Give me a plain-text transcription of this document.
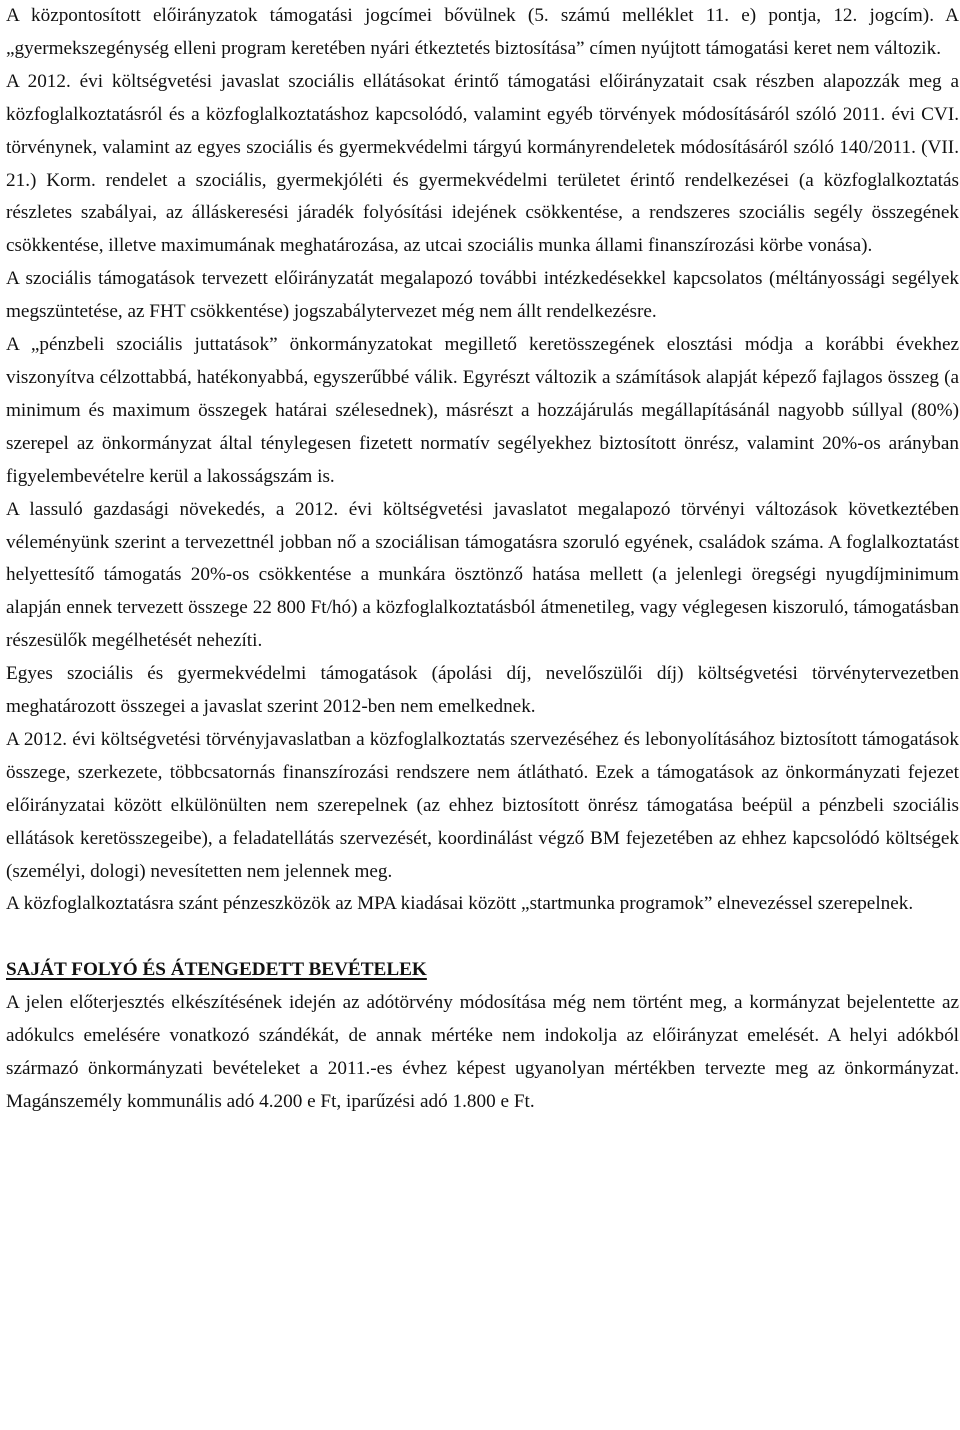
A központosított előirányzatok támogatási jogcímei bővülnek (5. számú melléklet 11. e) pontja, 12. jogcím). A „gyermekszegénység elleni program keretében nyári étkeztetés biztosítása” címen nyújtott támogatási keret nem változik.

A 2012. évi költségvetési javaslat szociális ellátásokat érintő támogatási előirányzatait csak részben alapozzák meg a közfoglalkoztatásról és a közfoglalkoztatáshoz kapcsolódó, valamint egyéb törvények módosításáról szóló 2011. évi CVI. törvénynek, valamint az egyes szociális és gyermekvédelmi tárgyú kormányrendeletek módosításáról szóló 140/2011. (VII. 21.) Korm. rendelet a szociális, gyermekjóléti és gyermekvédelmi területet érintő rendelkezései (a közfoglalkoztatás részletes szabályai, az álláskeresési járadék folyósítási idejének csökkentése, a rendszeres szociális segély összegének csökkentése, illetve maximumának meghatározása, az utcai szociális munka állami finanszírozási körbe vonása).

A szociális támogatások tervezett előirányzatát megalapozó további intézkedésekkel kapcsolatos (méltányossági segélyek megszüntetése, az FHT csökkentése) jogszabálytervezet még nem állt rendelkezésre.

A „pénzbeli szociális juttatások” önkormányzatokat megillető keretösszegének elosztási módja a korábbi évekhez viszonyítva célzottabbá, hatékonyabbá, egyszerűbbé válik. Egyrészt változik a számítások alapját képező fajlagos összeg (a minimum és maximum összegek határai szélesednek), másrészt a hozzájárulás megállapításánál nagyobb súllyal (80%) szerepel az önkormányzat által ténylegesen fizetett normatív segélyekhez biztosított önrész, valamint 20%-os arányban figyelembevételre kerül a lakosságszám is.

A lassuló gazdasági növekedés, a 2012. évi költségvetési javaslatot megalapozó törvényi változások következtében véleményünk szerint a tervezettnél jobban nő a szociálisan támogatásra szoruló egyének, családok száma. A foglalkoztatást helyettesítő támogatás 20%-os csökkentése a munkára ösztönző hatása mellett (a jelenlegi öregségi nyugdíjminimum alapján ennek tervezett összege 22 800 Ft/hó) a közfoglalkoztatásból átmenetileg, vagy véglegesen kiszoruló, támogatásban részesülők megélhetését nehezíti.

Egyes szociális és gyermekvédelmi támogatások (ápolási díj, nevelőszülői díj) költségvetési törvénytervezetben meghatározott összegei a javaslat szerint 2012-ben nem emelkednek.

A 2012. évi költségvetési törvényjavaslatban a közfoglalkoztatás szervezéséhez és lebonyolításához biztosított támogatások összege, szerkezete, többcsatornás finanszírozási rendszere nem átlátható. Ezek a támogatások az önkormányzati fejezet előirányzatai között elkülönülten nem szerepelnek (az ehhez biztosított önrész támogatása beépül a pénzbeli szociális ellátások keretösszegeibe), a feladatellátás szervezését, koordinálást végző BM fejezetében az ehhez kapcsolódó költségek (személyi, dologi) nevesítetten nem jelennek meg.

A közfoglalkoztatásra szánt pénzeszközök az MPA kiadásai között „startmunka programok” elnevezéssel szerepelnek.

SAJÁT FOLYÓ ÉS ÁTENGEDETT BEVÉTELEK

A jelen előterjesztés elkészítésének idején az adótörvény módosítása még nem történt meg, a kormányzat bejelentette az adókulcs emelésére vonatkozó szándékát, de annak mértéke nem indokolja az előirányzat emelését. A helyi adókból származó önkormányzati bevételeket a 2011.-es évhez képest ugyanolyan mértékben tervezte meg az önkormányzat. Magánszemély kommunális adó 4.200 e Ft, iparűzési adó 1.800 e Ft.
